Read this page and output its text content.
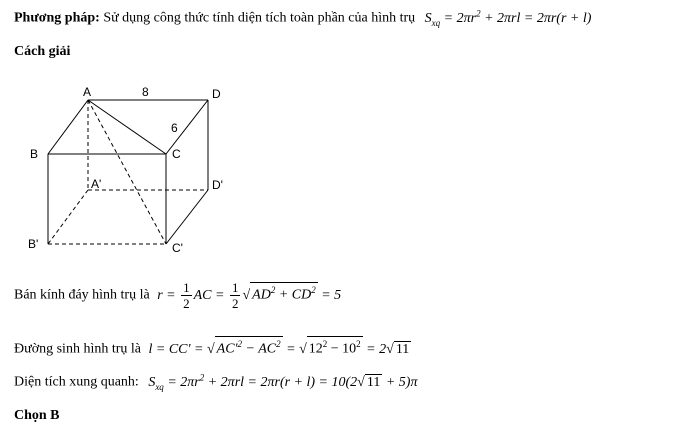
Phương pháp: Sử dụng công thức tính diện tích toàn phần của hình trụ $S_{xq} = 2\pi r^2 + 2\pi rl = 2\pi r(r + l)$
Cách giải
A	D
B	C
A'	D'
B'	C'
8
6
Bán kính đáy hình trụ là $r = \frac{1}{2}$ AC = $\frac{1}{2}$ √ $AD^2 + CD^2 = 5$
Đường sinh hình trụ là l = CC' = √ $AC'^2 - AC^2$ = √ $12^2 - 10^2 = 2√$ 11
Diện tích xung quanh: $S_{xq} = 2\pi r^2 + 2\pi rl = 2\pi r(r + l) = 10(2√$ 11 + 5)π
Chọn B
